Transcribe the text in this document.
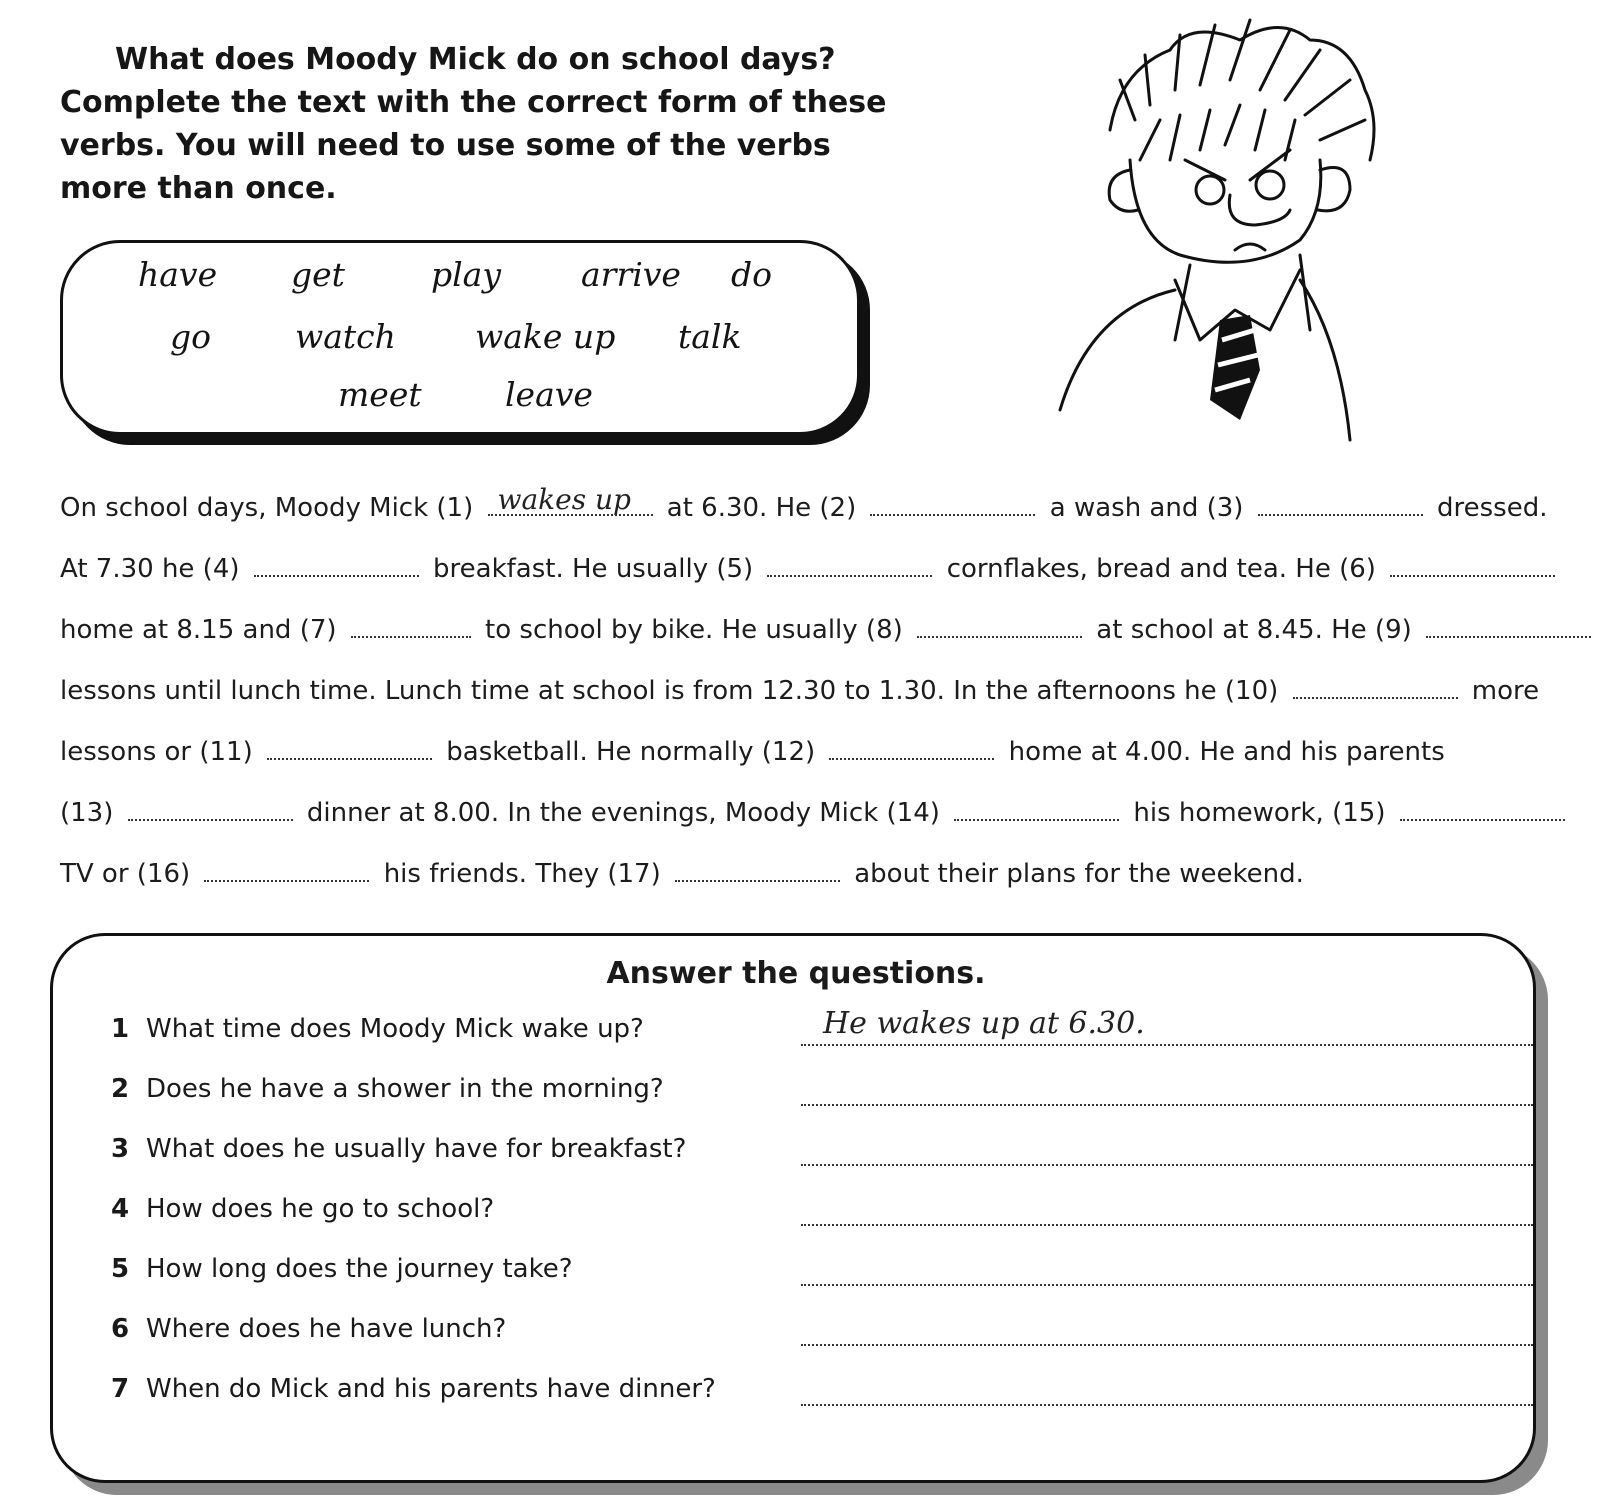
What does Moody Mick do on school days?
Complete the text with the correct form of these
verbs. You will need to use some of the verbs
more than once.
have get	play arrive do
go	watch wake up talk
meet	leave
On school days, Moody Mick (1) wakes up at 6.30. He (2)	a wash and (3)	dressed.
At 7.30 he (4)	breakfast. He usually (5)	cornflakes, bread and tea. He (6)
home at 8.15 and (7)	to school by bike. He usually (8)	at school at 8.45. He (9)
lessons until lunch time. Lunch time at school is from 12.30 to 1.30. In the afternoons he (10)	more
lessons or (11)	basketball. He normally (12)	home at 4.00. He and his parents
(13)	dinner at 8.00. In the evenings, Moody Mick (14)	his homework, (15)
TV or (16)	his friends. They (17)	about their plans for the weekend.
Answer the questions.
1 What time does Moody Mick wake up?	He wakes up at 6.30.
2 Does he have a shower in the morning?
3 What does he usually have for breakfast?
4 How does he go to school?
5 How long does the journey take?
6 Where does he have lunch?
7 When do Mick and his parents have dinner?
